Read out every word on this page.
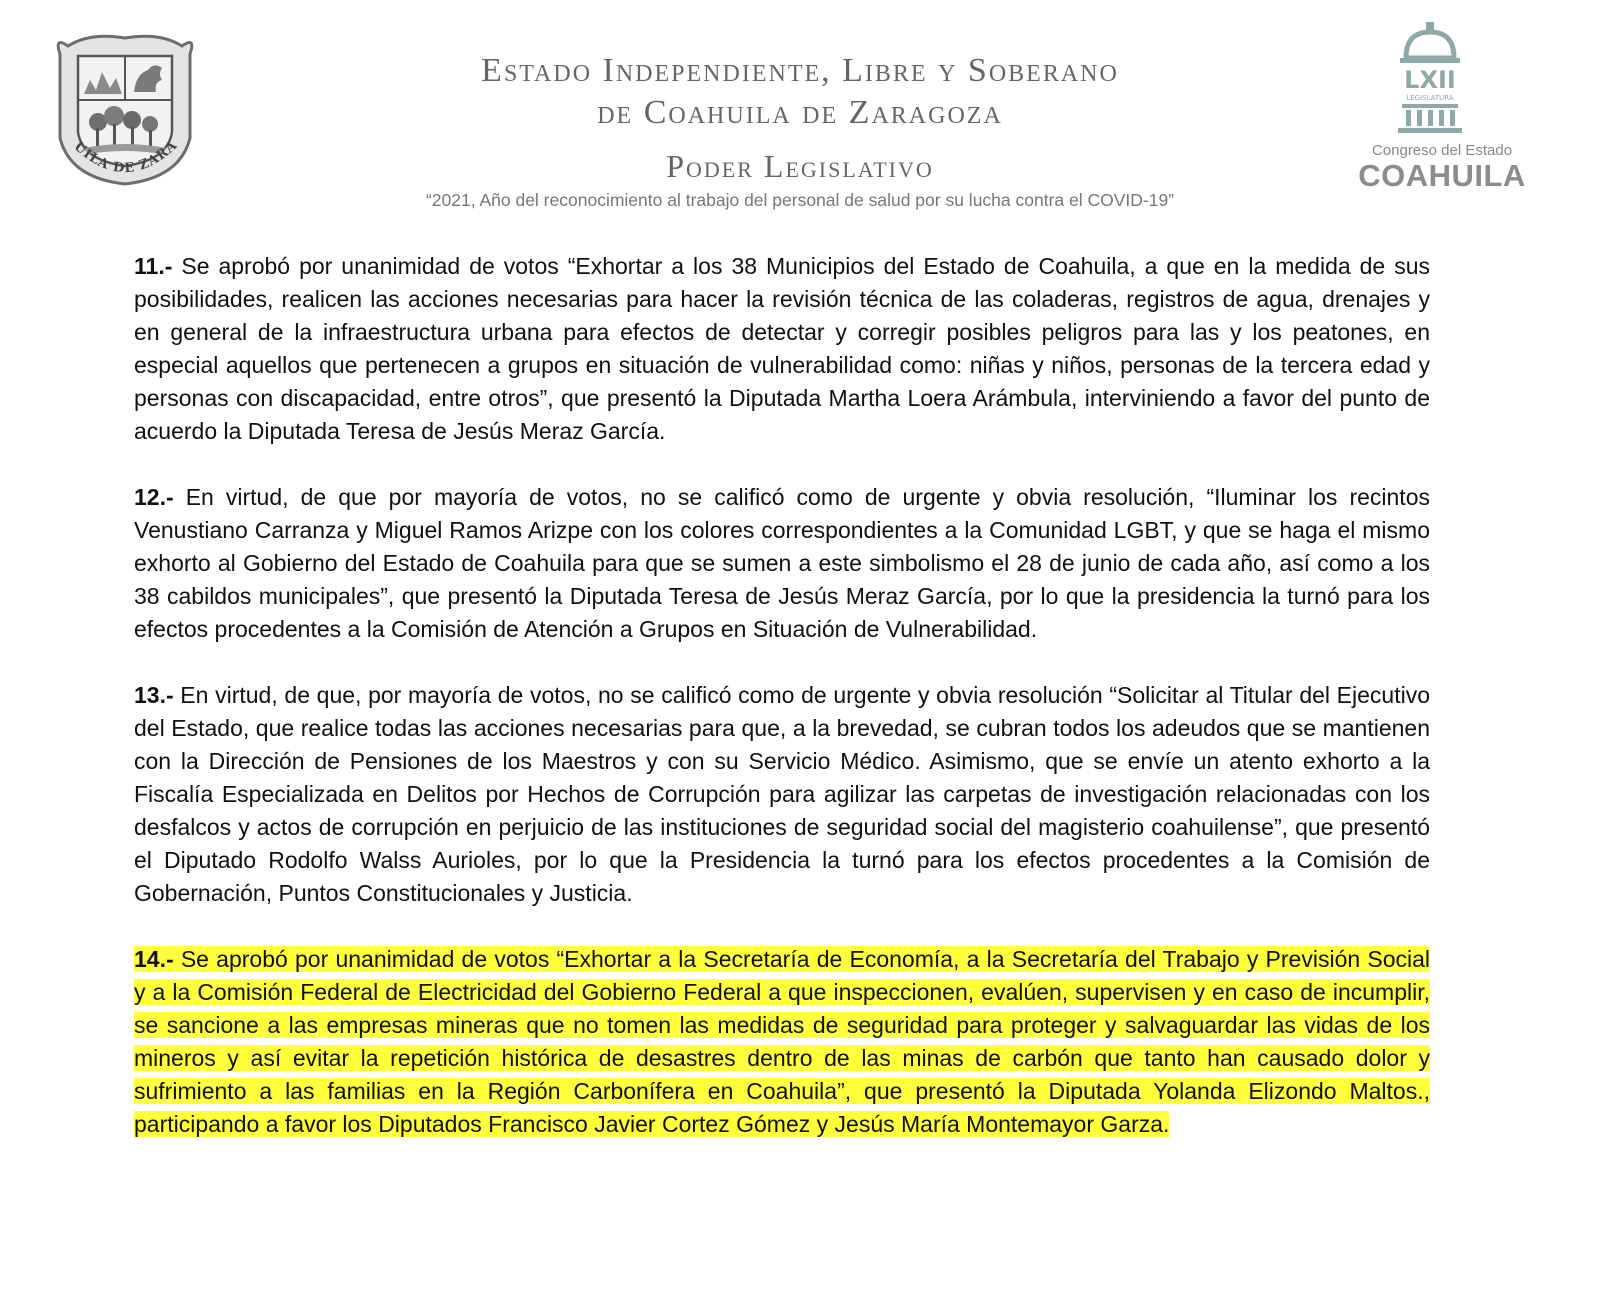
UILA DE ZARA
Estado Independiente, Libre y Soberano
de Coahuila de Zaragoza
Poder Legislativo
“2021, Año del reconocimiento al trabajo del personal de salud por su lucha contra el COVID-19”
LXII
LEGISLATURA
Congreso del Estado
COAHUILA

11.- Se aprobó por unanimidad de votos “Exhortar a los 38 Municipios del Estado de Coahuila, a que en la medida de sus posibilidades, realicen las acciones necesarias para hacer la revisión técnica de las coladeras, registros de agua, drenajes y en general de la infraestructura urbana para efectos de detectar y corregir posibles peligros para las y los peatones, en especial aquellos que pertenecen a grupos en situación de vulnerabilidad como: niñas y niños, personas de la tercera edad y personas con discapacidad, entre otros”, que presentó la Diputada Martha Loera Arámbula, interviniendo a favor del punto de acuerdo la Diputada Teresa de Jesús Meraz García.

12.- En virtud, de que por mayoría de votos, no se calificó como de urgente y obvia resolución, “Iluminar los recintos Venustiano Carranza y Miguel Ramos Arizpe con los colores correspondientes a la Comunidad LGBT, y que se haga el mismo exhorto al Gobierno del Estado de Coahuila para que se sumen a este simbolismo el 28 de junio de cada año, así como a los 38 cabildos municipales”, que presentó la Diputada Teresa de Jesús Meraz García, por lo que la presidencia la turnó para los efectos procedentes a la Comisión de Atención a Grupos en Situación de Vulnerabilidad.

13.- En virtud, de que, por mayoría de votos, no se calificó como de urgente y obvia resolución “Solicitar al Titular del Ejecutivo del Estado, que realice todas las acciones necesarias para que, a la brevedad, se cubran todos los adeudos que se mantienen con la Dirección de Pensiones de los Maestros y con su Servicio Médico. Asimismo, que se envíe un atento exhorto a la Fiscalía Especializada en Delitos por Hechos de Corrupción para agilizar las carpetas de investigación relacionadas con los desfalcos y actos de corrupción en perjuicio de las instituciones de seguridad social del magisterio coahuilense”, que presentó el Diputado Rodolfo Walss Aurioles, por lo que la Presidencia la turnó para los efectos procedentes a la Comisión de Gobernación, Puntos Constitucionales y Justicia.

14.- Se aprobó por unanimidad de votos “Exhortar a la Secretaría de Economía, a la Secretaría del Trabajo y Previsión Social y a la Comisión Federal de Electricidad del Gobierno Federal a que inspeccionen, evalúen, supervisen y en caso de incumplir, se sancione a las empresas mineras que no tomen las medidas de seguridad para proteger y salvaguardar las vidas de los mineros y así evitar la repetición histórica de desastres dentro de las minas de carbón que tanto han causado dolor y sufrimiento a las familias en la Región Carbonífera en Coahuila”, que presentó la Diputada Yolanda Elizondo Maltos., participando a favor los Diputados Francisco Javier Cortez Gómez y Jesús María Montemayor Garza.
